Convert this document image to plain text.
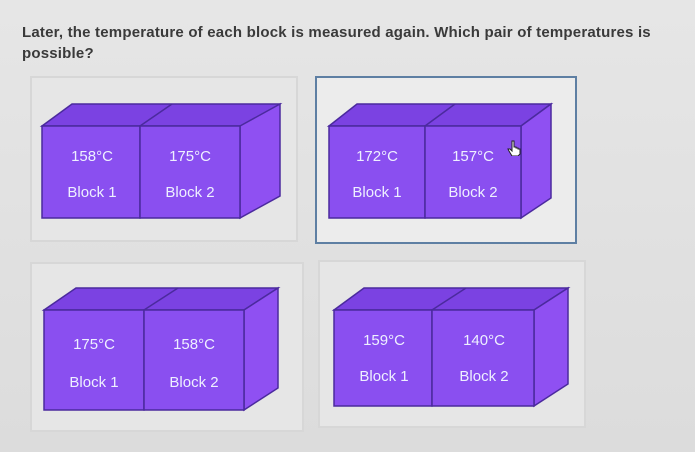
Later, the temperature of each block is measured again. Which pair of temperatures is possible?
158°C	175°C
Block 1	Block 2
172°C	157°C
Block 1	Block 2
175°C	158°C
Block 1	Block 2
159°C	140°C
Block 1	Block 2
